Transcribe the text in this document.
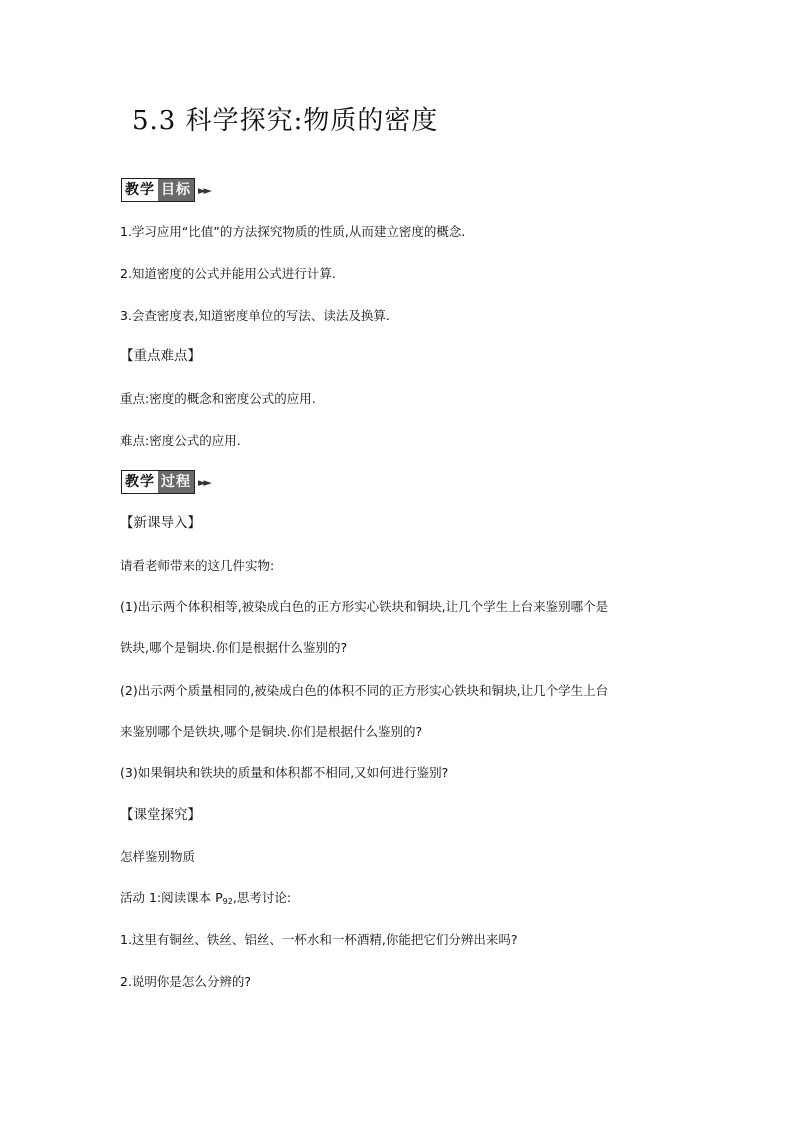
5.3 科学探究:物质的密度
教学 目标 ►►
1.学习应用“比值”的方法探究物质的性质,从而建立密度的概念.
2.知道密度的公式并能用公式进行计算.
3.会查密度表,知道密度单位的写法、读法及换算.
【重点难点】
重点:密度的概念和密度公式的应用.
难点:密度公式的应用.
教学 过程 ►►
【新课导入】
请看老师带来的这几件实物:
(1)出示两个体积相等,被染成白色的正方形实心铁块和铜块,让几个学生上台来鉴别哪个是
铁块,哪个是铜块.你们是根据什么鉴别的?
(2)出示两个质量相同的,被染成白色的体积不同的正方形实心铁块和铜块,让几个学生上台
来鉴别哪个是铁块,哪个是铜块.你们是根据什么鉴别的?
(3)如果铜块和铁块的质量和体积都不相同,又如何进行鉴别?
【课堂探究】
怎样鉴别物质
活动 1:阅读课本 $P_{92}$,思考讨论:
1.这里有铜丝、铁丝、铝丝、一杯水和一杯酒精,你能把它们分辨出来吗?
2.说明你是怎么分辨的?
